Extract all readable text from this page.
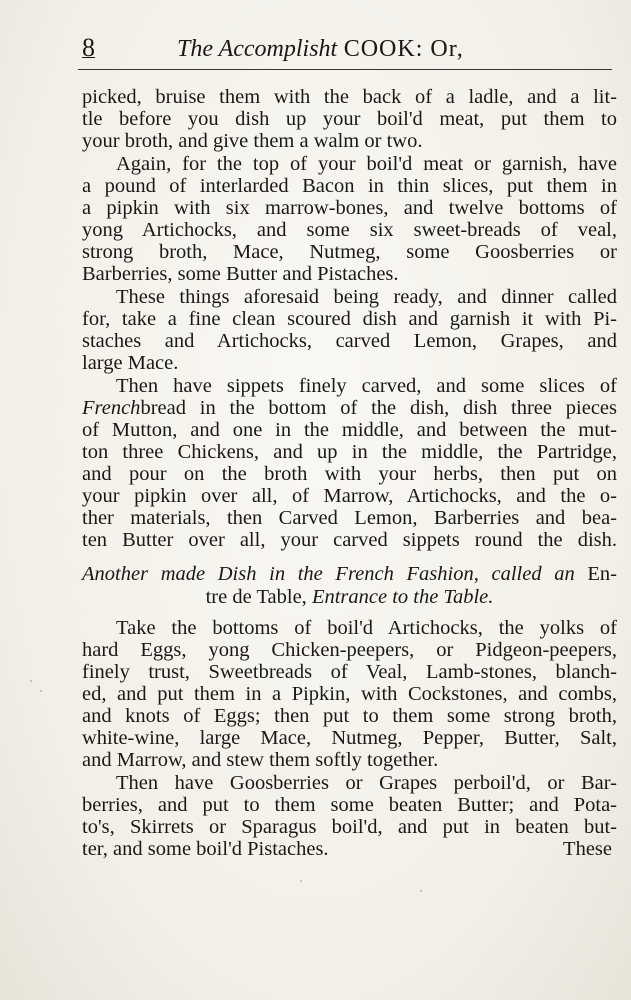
8	The Accomplisht COOK: Or,
picked, bruise them with the back of a ladle, and a lit-
tle before you dish up your boil'd meat, put them to
your broth, and give them a walm or two.
Again, for the top of your boil'd meat or garnish, have
a pound of interlarded Bacon in thin slices, put them in
a pipkin with six marrow-bones, and twelve bottoms of
yong Artichocks, and some six sweet-breads of veal,
strong broth, Mace, Nutmeg, some Goosberries or
Barberries, some Butter and Pistaches.
These things aforesaid being ready, and dinner called
for, take a fine clean scoured dish and garnish it with Pi-
staches and Artichocks, carved Lemon, Grapes, and
large Mace.
Then have sippets finely carved, and some slices of
Frenchbread in the bottom of the dish, dish three pieces
of Mutton, and one in the middle, and between the mut-
ton three Chickens, and up in the middle, the Partridge,
and pour on the broth with your herbs, then put on
your pipkin over all, of Marrow, Artichocks, and the o-
ther materials, then Carved Lemon, Barberries and bea-
ten Butter over all, your carved sippets round the dish.
Another made Dish in the French Fashion, called an En-
tre de Table, Entrance to the Table.
Take the bottoms of boil'd Artichocks, the yolks of
hard Eggs, yong Chicken-peepers, or Pidgeon-peepers,
finely trust, Sweetbreads of Veal, Lamb-stones, blanch-
ed, and put them in a Pipkin, with Cockstones, and combs,
and knots of Eggs; then put to them some strong broth,
white-wine, large Mace, Nutmeg, Pepper, Butter, Salt,
and Marrow, and stew them softly together.
Then have Goosberries or Grapes perboil'd, or Bar-
berries, and put to them some beaten Butter; and Pota-
to's, Skirrets or Sparagus boil'd, and put in beaten but-
ter, and some boil'd Pistaches.	These
